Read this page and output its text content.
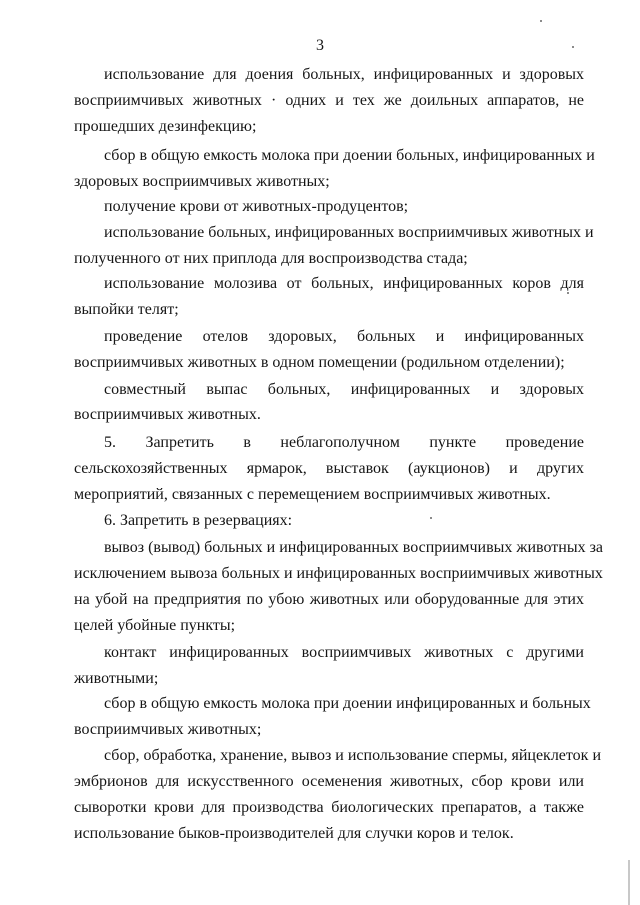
3
использование для доения больных, инфицированных и здоровых
восприимчивых животных · одних и тех же доильных аппаратов, не
прошедших дезинфекцию;
сбор в общую емкость молока при доении больных, инфицированных и
здоровых восприимчивых животных;
получение крови от животных-продуцентов;
использование больных, инфицированных восприимчивых животных и
полученного от них приплода для воспроизводства стада;
использование молозива от больных, инфицированных коров для
выпойки телят;
проведение отелов здоровых, больных и инфицированных
восприимчивых животных в одном помещении (родильном отделении);
совместный выпас больных, инфицированных и здоровых
восприимчивых животных.
5. Запретить в неблагополучном пункте проведение
сельскохозяйственных ярмарок, выставок (аукционов) и других
мероприятий, связанных с перемещением восприимчивых животных.
6. Запретить в резервациях:
вывоз (вывод) больных и инфицированных восприимчивых животных за
исключением вывоза больных и инфицированных восприимчивых животных
на убой на предприятия по убою животных или оборудованные для этих
целей убойные пункты;
контакт инфицированных восприимчивых животных с другими
животными;
сбор в общую емкость молока при доении инфицированных и больных
восприимчивых животных;
сбор, обработка, хранение, вывоз и использование спермы, яйцеклеток и
эмбрионов для искусственного осеменения животных, сбор крови или
сыворотки крови для производства биологических препаратов, а также
использование быков-производителей для случки коров и телок.
